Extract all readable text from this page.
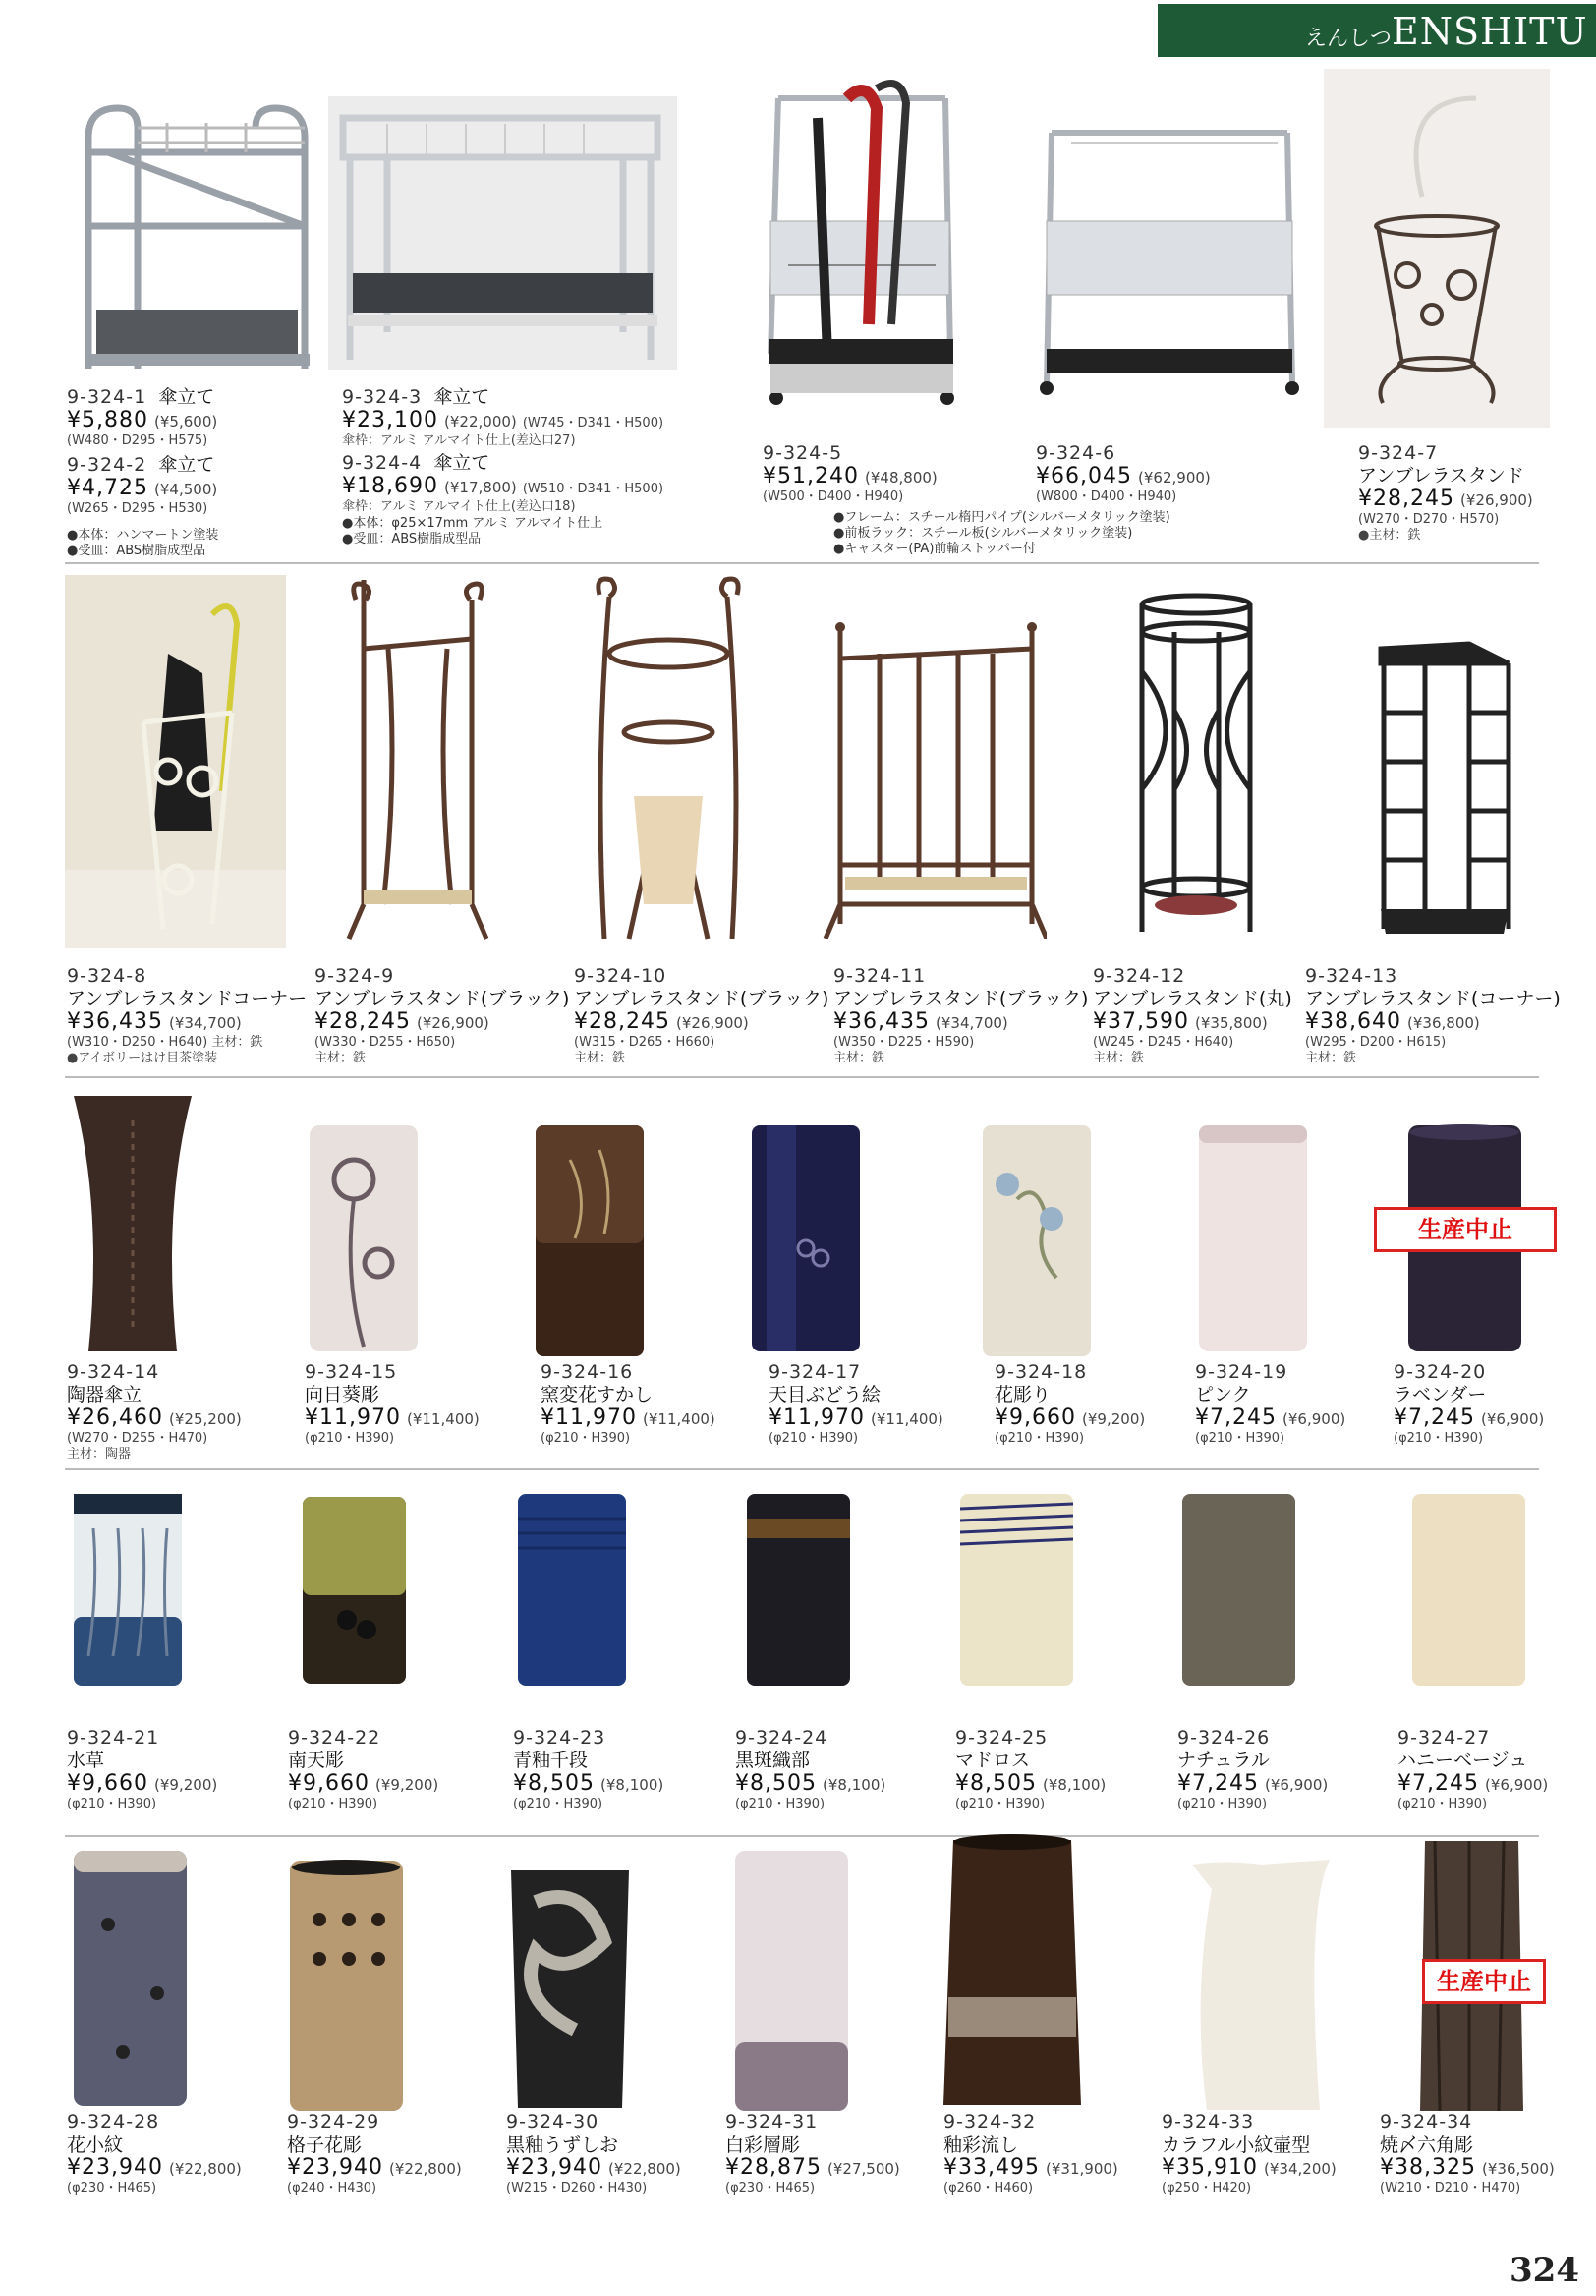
えんしつ ENSHITU
生産中止
生産中止
9-324-1 傘立て
¥5,880 (¥5,600)
(W480・D295・H575)
9-324-2 傘立て
¥4,725 (¥4,500)
(W265・D295・H530)
●本体：ハンマートン塗装
●受皿：ABS樹脂成型品
9-324-3 傘立て
¥23,100 (¥22,000) (W745・D341・H500)
傘枠：アルミ アルマイト仕上(差込口27)
9-324-4 傘立て
¥18,690 (¥17,800) (W510・D341・H500)
傘枠：アルミ アルマイト仕上(差込口18)
●本体：φ25×17mm アルミ アルマイト仕上
●受皿：ABS樹脂成型品
9-324-5
¥51,240 (¥48,800)
(W500・D400・H940)
9-324-6
¥66,045 (¥62,900)
(W800・D400・H940)
●フレーム：スチール楕円パイプ(シルバーメタリック塗装)
●前板ラック：スチール板(シルバーメタリック塗装)
●キャスター(PA)前輪ストッパー付
9-324-7
アンブレラスタンド
¥28,245 (¥26,900)
(W270・D270・H570)
●主材：鉄
9-324-8
アンブレラスタンドコーナー
¥36,435 (¥34,700)
(W310・D250・H640) 主材：鉄
●アイボリーはけ目茶塗装
9-324-9
アンブレラスタンド(ブラック)
¥28,245 (¥26,900)
(W330・D255・H650)
主材：鉄
9-324-10
アンブレラスタンド(ブラック)
¥28,245 (¥26,900)
(W315・D265・H660)
主材：鉄
9-324-11
アンブレラスタンド(ブラック)
¥36,435 (¥34,700)
(W350・D225・H590)
主材：鉄
9-324-12
アンブレラスタンド(丸)
¥37,590 (¥35,800)
(W245・D245・H640)
主材：鉄
9-324-13
アンブレラスタンド(コーナー)
¥38,640 (¥36,800)
(W295・D200・H615)
主材：鉄
9-324-14
陶器傘立
¥26,460 (¥25,200)
(W270・D255・H470)
主材：陶器
9-324-15
向日葵彫
¥11,970 (¥11,400)
(φ210・H390)
9-324-16
窯変花すかし
¥11,970 (¥11,400)
(φ210・H390)
9-324-17
天目ぶどう絵
¥11,970 (¥11,400)
(φ210・H390)
9-324-18
花彫り
¥9,660 (¥9,200)
(φ210・H390)
9-324-19
ピンク
¥7,245 (¥6,900)
(φ210・H390)
9-324-20
ラベンダー
¥7,245 (¥6,900)
(φ210・H390)
9-324-21
水草
¥9,660 (¥9,200)
(φ210・H390)
9-324-22
南天彫
¥9,660 (¥9,200)
(φ210・H390)
9-324-23
青釉千段
¥8,505 (¥8,100)
(φ210・H390)
9-324-24
黒斑織部
¥8,505 (¥8,100)
(φ210・H390)
9-324-25
マドロス
¥8,505 (¥8,100)
(φ210・H390)
9-324-26
ナチュラル
¥7,245 (¥6,900)
(φ210・H390)
9-324-27
ハニーベージュ
¥7,245 (¥6,900)
(φ210・H390)
9-324-28
花小紋
¥23,940 (¥22,800)
(φ230・H465)
9-324-29
格子花彫
¥23,940 (¥22,800)
(φ240・H430)
9-324-30
黒釉うずしお
¥23,940 (¥22,800)
(W215・D260・H430)
9-324-31
白彩層彫
¥28,875 (¥27,500)
(φ230・H465)
9-324-32
釉彩流し
¥33,495 (¥31,900)
(φ260・H460)
9-324-33
カラフル小紋壷型
¥35,910 (¥34,200)
(φ250・H420)
9-324-34
焼〆六角彫
¥38,325 (¥36,500)
(W210・D210・H470)
324
